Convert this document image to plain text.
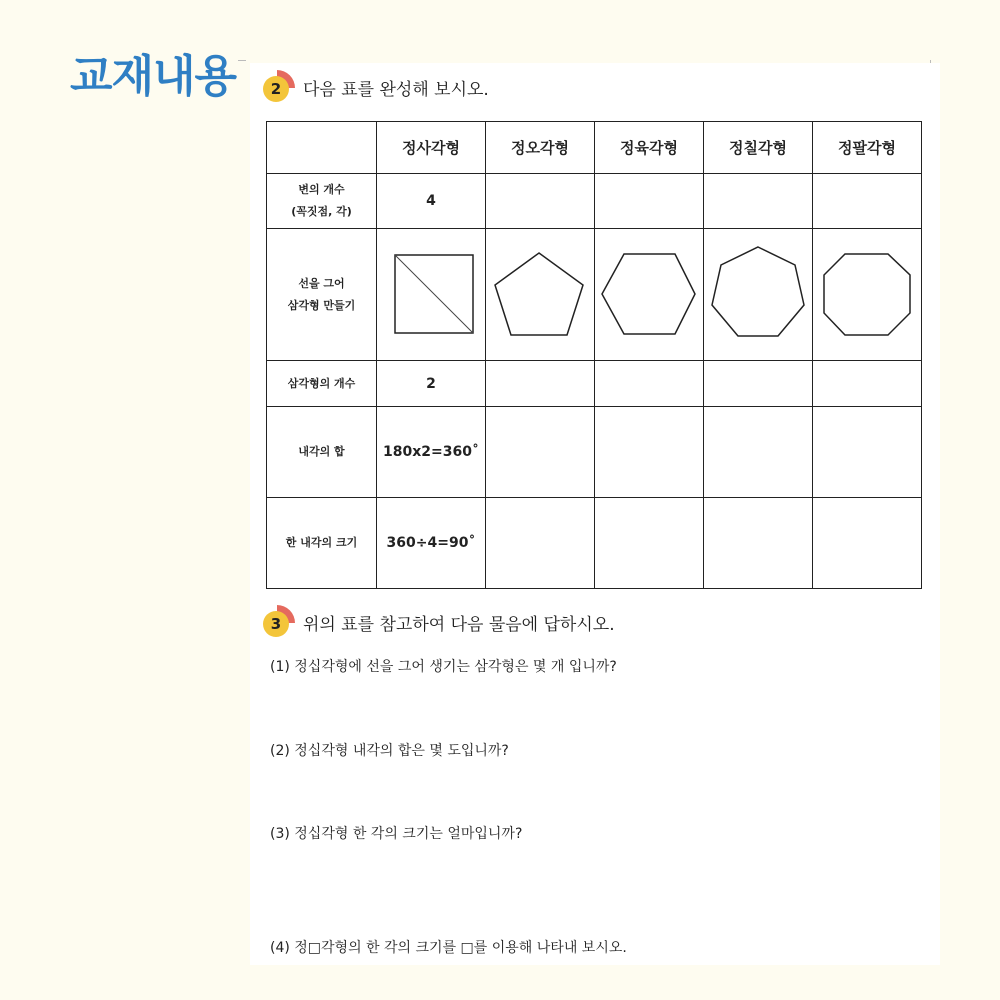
교재내용	2	다음 표를 완성해 보시오.
	정사각형	정오각형	정육각형	정칠각형	정팔각형

변의 개수
(꼭짓점, 각)	4				

선을 그어
삼각형 만들기

삼각형의 개수	2				
내각의 합	180x2=360˚				
한 내각의 크기	360÷4=90˚				
3	위의 표를 참고하여 다음 물음에 답하시오.
(1) 정십각형에 선을 그어 생기는 삼각형은 몇 개 입니까?
(2) 정십각형 내각의 합은 몇 도입니까?
(3) 정십각형 한 각의 크기는 얼마입니까?
(4) 정□각형의 한 각의 크기를 □를 이용해 나타내 보시오.
